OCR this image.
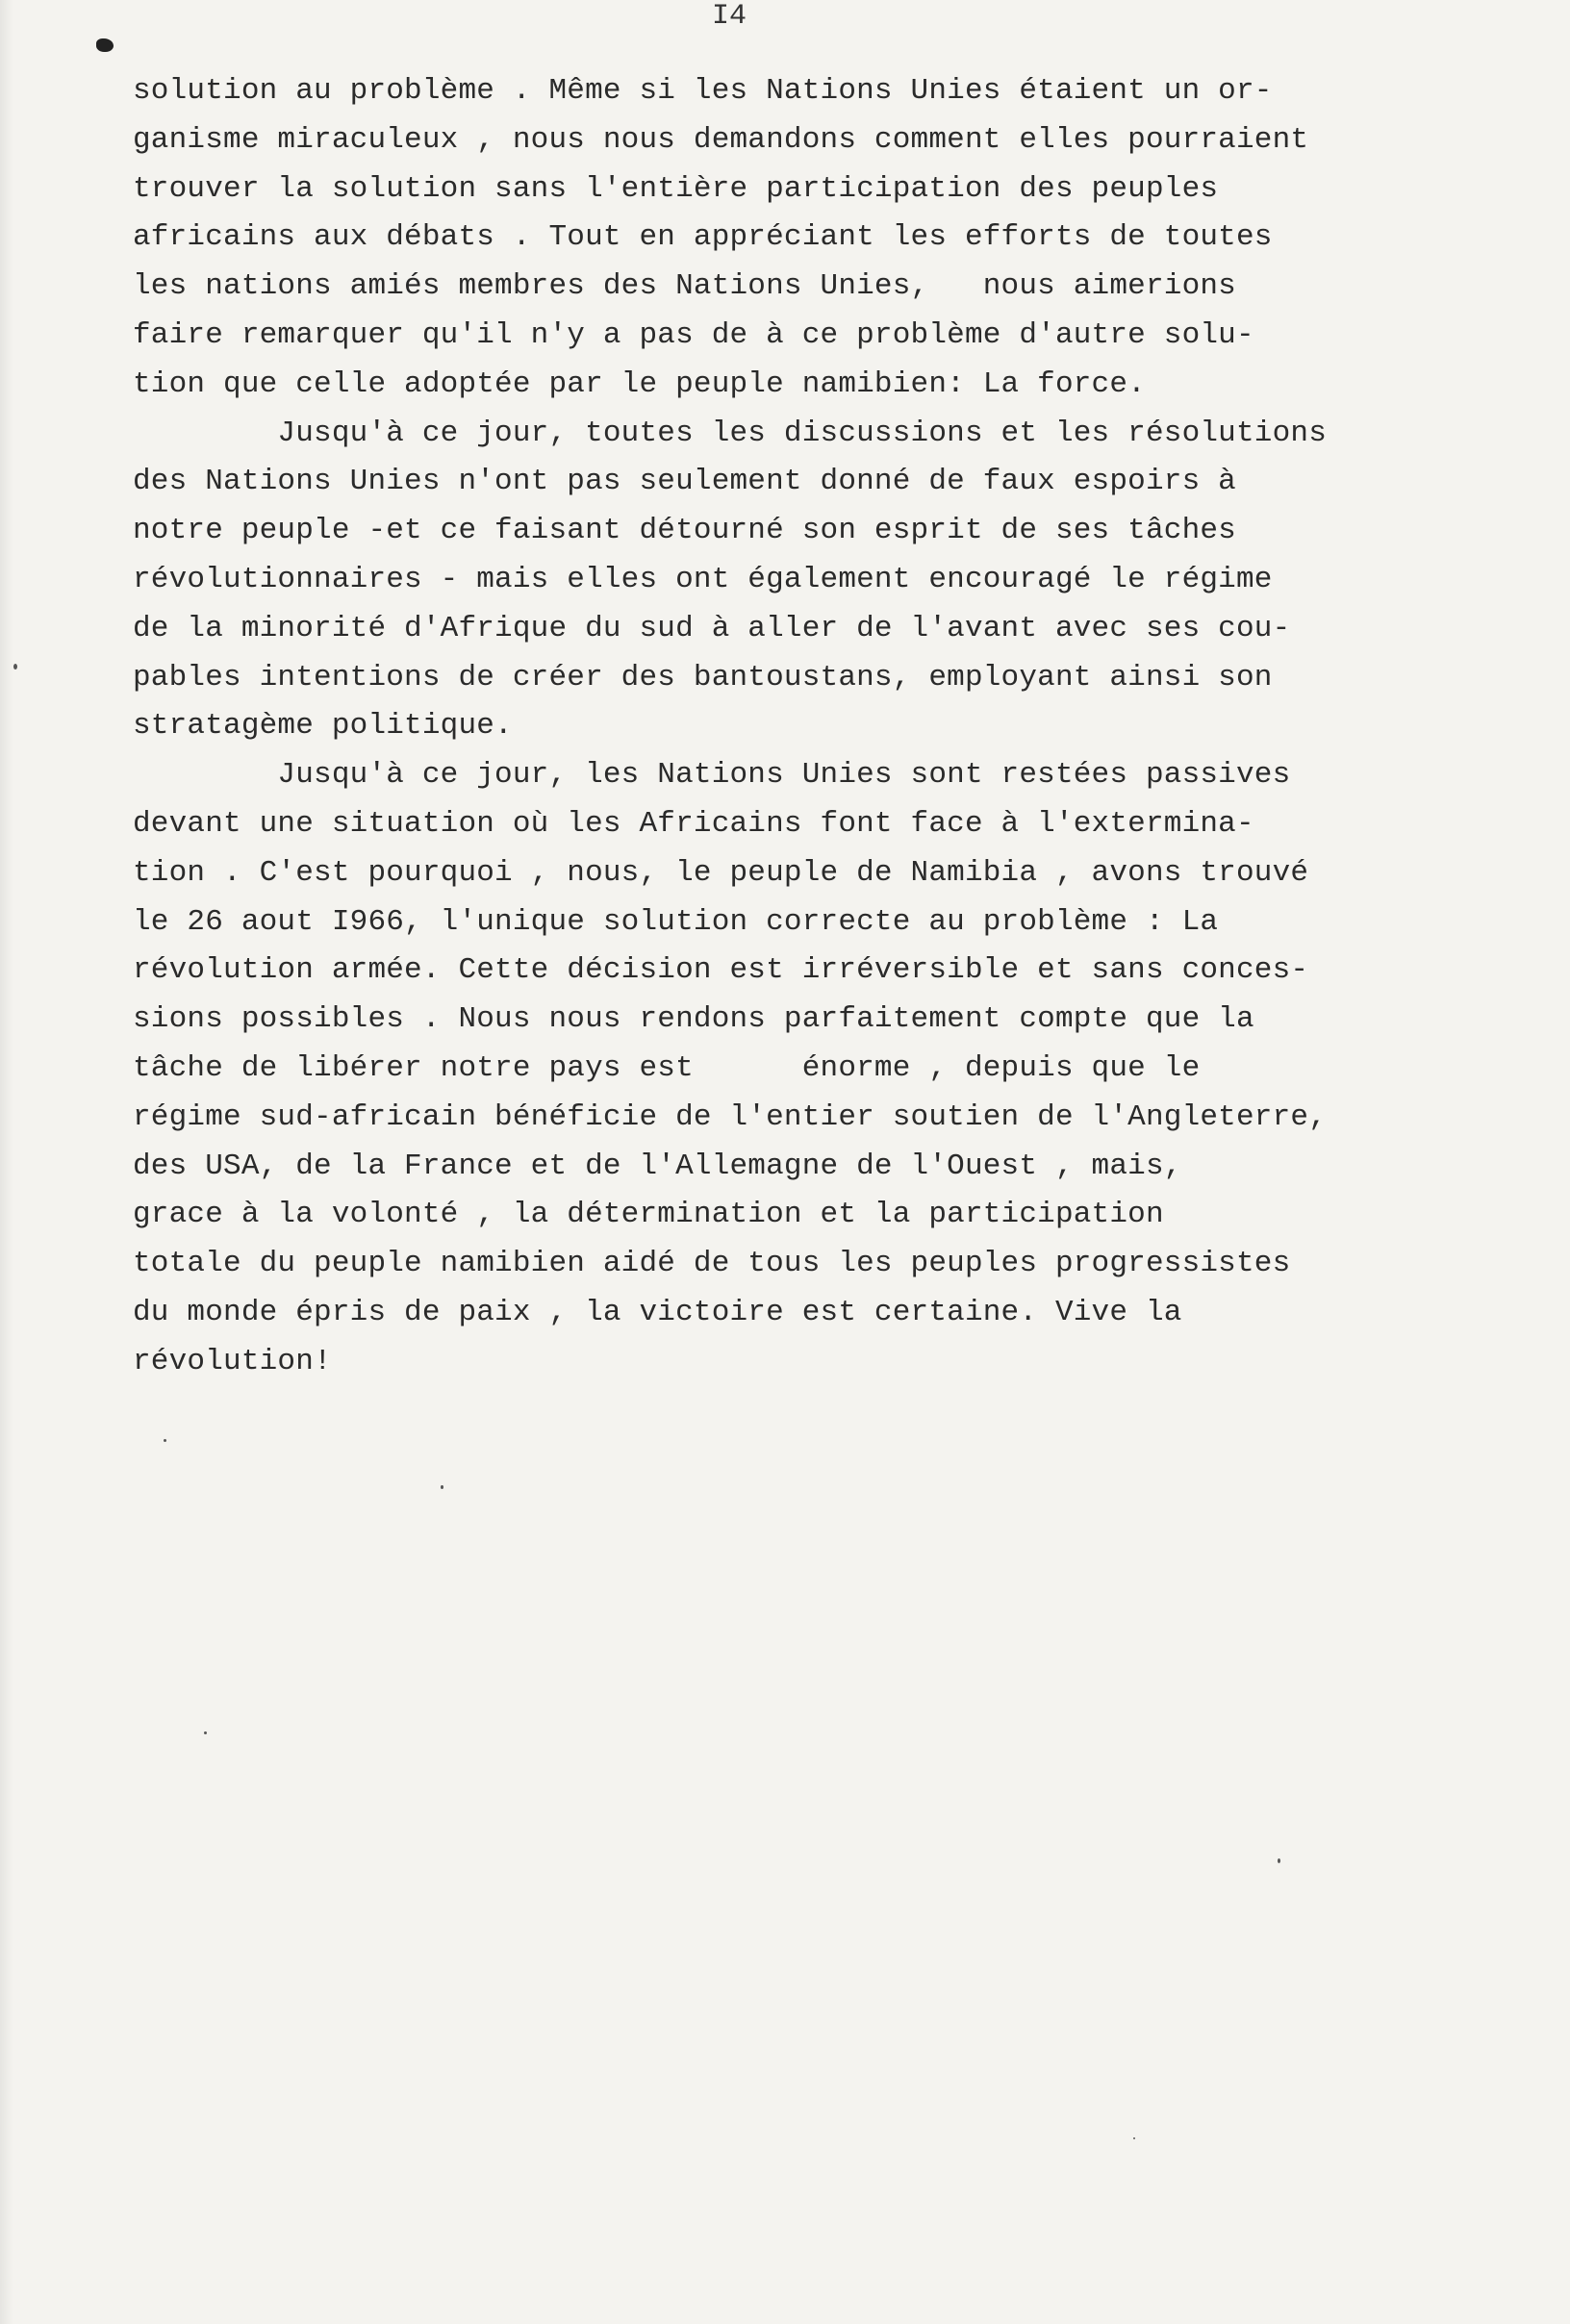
I4
solution au problème . Même si les Nations Unies étaient un or-
ganisme miraculeux , nous nous demandons comment elles pourraient
trouver la solution sans l'entière participation des peuples
africains aux débats . Tout en appréciant les efforts de toutes
les nations amiés membres des Nations Unies,   nous aimerions
faire remarquer qu'il n'y a pas de à ce problème d'autre solu-
tion que celle adoptée par le peuple namibien: La force.
Jusqu'à ce jour, toutes les discussions et les résolutions
des Nations Unies n'ont pas seulement donné de faux espoirs à
notre peuple -et ce faisant détourné son esprit de ses tâches
révolutionnaires - mais elles ont également encouragé le régime
de la minorité d'Afrique du sud à aller de l'avant avec ses cou-
pables intentions de créer des bantoustans, employant ainsi son
stratagème politique.
Jusqu'à ce jour, les Nations Unies sont restées passives
devant une situation où les Africains font face à l'extermina-
tion . C'est pourquoi , nous, le peuple de Namibia , avons trouvé
le 26 aout I966, l'unique solution correcte au problème : La
révolution armée. Cette décision est irréversible et sans conces-
sions possibles . Nous nous rendons parfaitement compte que la
tâche de libérer notre pays est      énorme , depuis que le
régime sud-africain bénéficie de l'entier soutien de l'Angleterre,
des USA, de la France et de l'Allemagne de l'Ouest , mais,
grace à la volonté , la détermination et la participation
totale du peuple namibien aidé de tous les peuples progressistes
du monde épris de paix , la victoire est certaine. Vive la
révolution!
